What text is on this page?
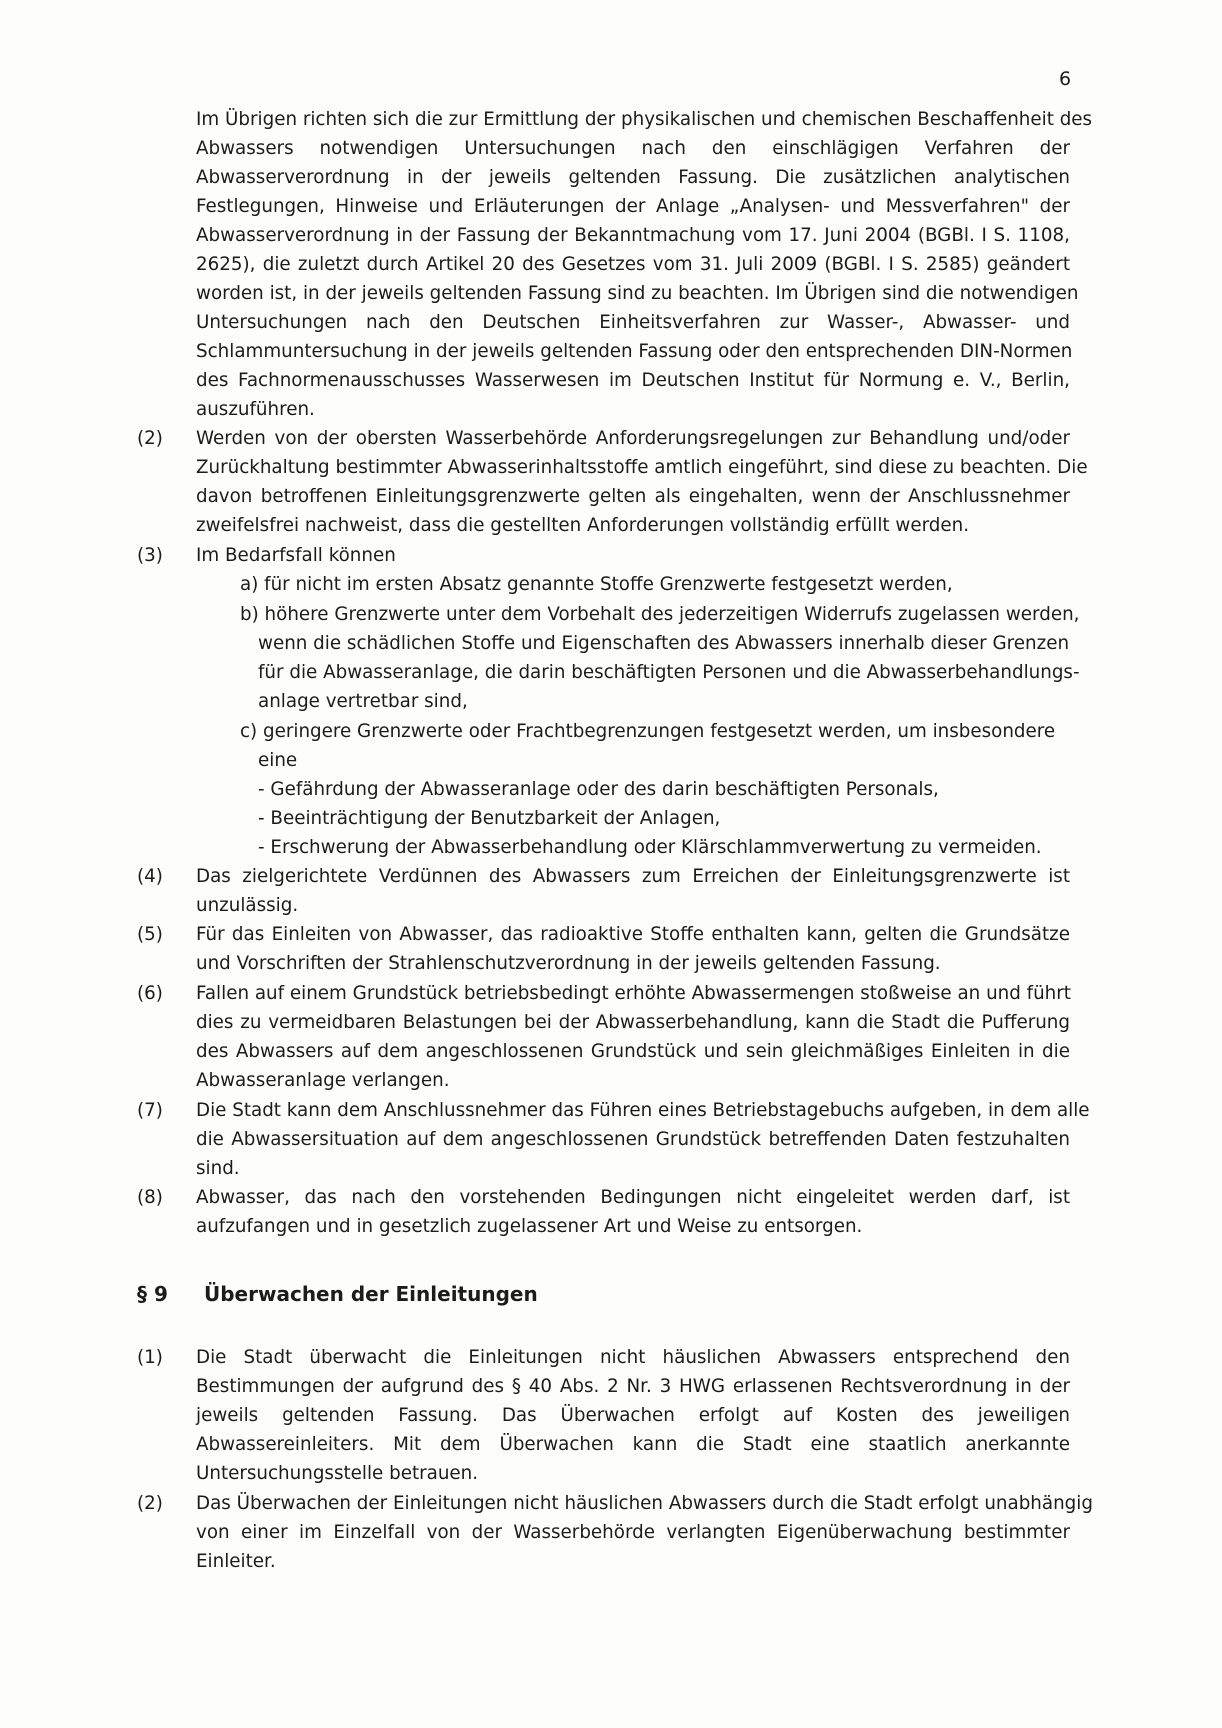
6
Im Übrigen richten sich die zur Ermittlung der physikalischen und chemischen Beschaffenheit des
Abwassers notwendigen Untersuchungen nach den einschlägigen Verfahren der
Abwasserverordnung in der jeweils geltenden Fassung. Die zusätzlichen analytischen
Festlegungen, Hinweise und Erläuterungen der Anlage „Analysen- und Messverfahren" der
Abwasserverordnung in der Fassung der Bekanntmachung vom 17. Juni 2004 (BGBl. I S. 1108,
2625), die zuletzt durch Artikel 20 des Gesetzes vom 31. Juli 2009 (BGBl. I S. 2585) geändert
worden ist, in der jeweils geltenden Fassung sind zu beachten. Im Übrigen sind die notwendigen
Untersuchungen nach den Deutschen Einheitsverfahren zur Wasser-, Abwasser- und
Schlammuntersuchung in der jeweils geltenden Fassung oder den entsprechenden DIN-Normen
des Fachnormenausschusses Wasserwesen im Deutschen Institut für Normung e. V., Berlin,
auszuführen.
(2) Werden von der obersten Wasserbehörde Anforderungsregelungen zur Behandlung und/oder
Zurückhaltung bestimmter Abwasserinhaltsstoffe amtlich eingeführt, sind diese zu beachten. Die
davon betroffenen Einleitungsgrenzwerte gelten als eingehalten, wenn der Anschlussnehmer
zweifelsfrei nachweist, dass die gestellten Anforderungen vollständig erfüllt werden.
(3) Im Bedarfsfall können
a) für nicht im ersten Absatz genannte Stoffe Grenzwerte festgesetzt werden,
b) höhere Grenzwerte unter dem Vorbehalt des jederzeitigen Widerrufs zugelassen werden,
wenn die schädlichen Stoffe und Eigenschaften des Abwassers innerhalb dieser Grenzen
für die Abwasseranlage, die darin beschäftigten Personen und die Abwasserbehandlungs-
anlage vertretbar sind,
c) geringere Grenzwerte oder Frachtbegrenzungen festgesetzt werden, um insbesondere
eine
- Gefährdung der Abwasseranlage oder des darin beschäftigten Personals,
- Beeinträchtigung der Benutzbarkeit der Anlagen,
- Erschwerung der Abwasserbehandlung oder Klärschlammverwertung zu vermeiden.
(4) Das zielgerichtete Verdünnen des Abwassers zum Erreichen der Einleitungsgrenzwerte ist
unzulässig.
(5) Für das Einleiten von Abwasser, das radioaktive Stoffe enthalten kann, gelten die Grundsätze
und Vorschriften der Strahlenschutzverordnung in der jeweils geltenden Fassung.
(6) Fallen auf einem Grundstück betriebsbedingt erhöhte Abwassermengen stoßweise an und führt
dies zu vermeidbaren Belastungen bei der Abwasserbehandlung, kann die Stadt die Pufferung
des Abwassers auf dem angeschlossenen Grundstück und sein gleichmäßiges Einleiten in die
Abwasseranlage verlangen.
(7) Die Stadt kann dem Anschlussnehmer das Führen eines Betriebstagebuchs aufgeben, in dem alle
die Abwassersituation auf dem angeschlossenen Grundstück betreffenden Daten festzuhalten
sind.
(8) Abwasser, das nach den vorstehenden Bedingungen nicht eingeleitet werden darf, ist
aufzufangen und in gesetzlich zugelassener Art und Weise zu entsorgen.
§ 9 Überwachen der Einleitungen
(1) Die Stadt überwacht die Einleitungen nicht häuslichen Abwassers entsprechend den
Bestimmungen der aufgrund des § 40 Abs. 2 Nr. 3 HWG erlassenen Rechtsverordnung in der
jeweils geltenden Fassung. Das Überwachen erfolgt auf Kosten des jeweiligen
Abwassereinleiters. Mit dem Überwachen kann die Stadt eine staatlich anerkannte
Untersuchungsstelle betrauen.
(2) Das Überwachen der Einleitungen nicht häuslichen Abwassers durch die Stadt erfolgt unabhängig
von einer im Einzelfall von der Wasserbehörde verlangten Eigenüberwachung bestimmter
Einleiter.
